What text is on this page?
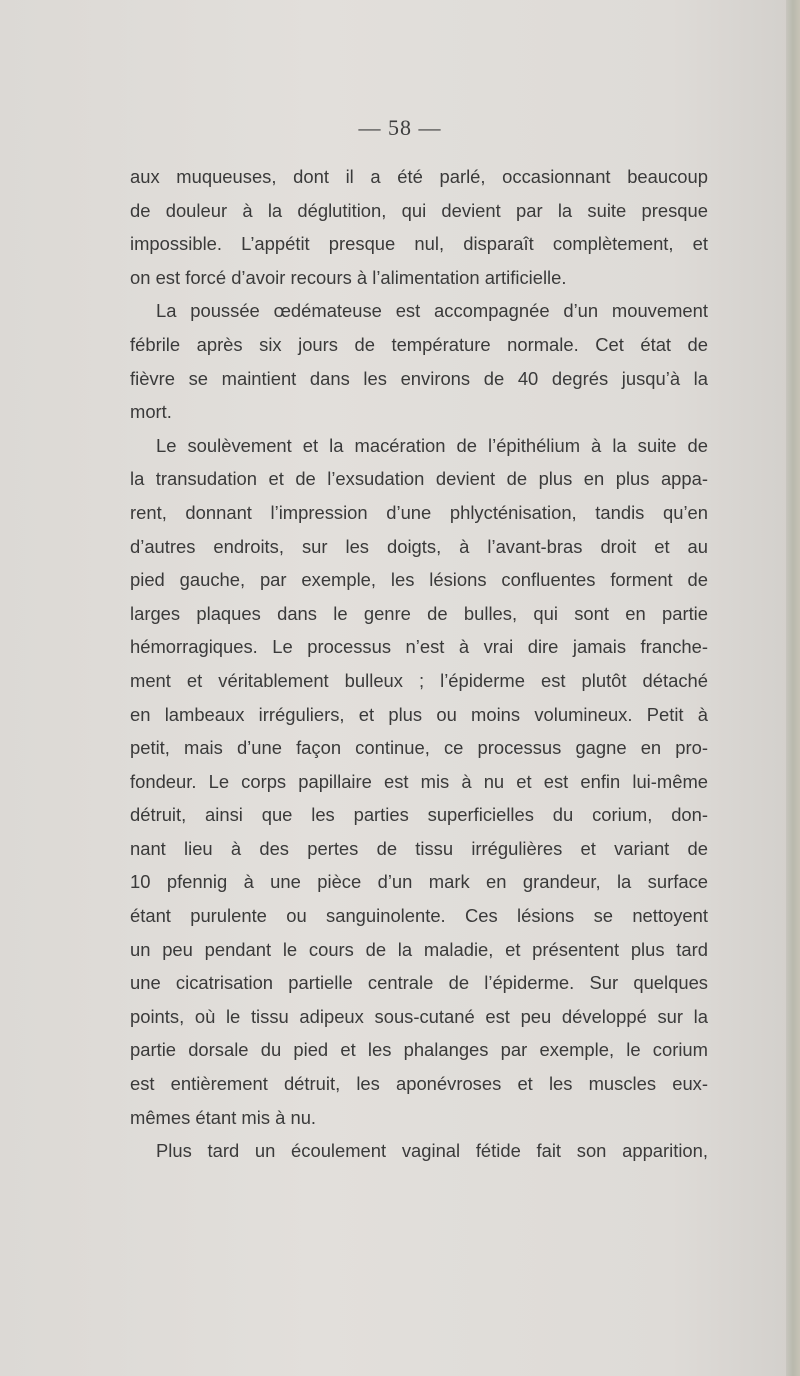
— 58 —
aux muqueuses, dont il a été parlé, occasionnant beaucoup
de douleur à la déglutition, qui devient par la suite presque
impossible. L’appétit presque nul, disparaît complètement, et
on est forcé d’avoir recours à l’alimentation artificielle.
La poussée œdémateuse est accompagnée d’un mouvement
fébrile après six jours de température normale. Cet état de
fièvre se maintient dans les environs de 40 degrés jusqu’à la
mort.
Le soulèvement et la macération de l’épithélium à la suite de
la transudation et de l’exsudation devient de plus en plus appa-
rent, donnant l’impression d’une phlycténisation, tandis qu’en
d’autres endroits, sur les doigts, à l’avant-bras droit et au
pied gauche, par exemple, les lésions confluentes forment de
larges plaques dans le genre de bulles, qui sont en partie
hémorragiques. Le processus n’est à vrai dire jamais franche-
ment et véritablement bulleux ; l’épiderme est plutôt détaché
en lambeaux irréguliers, et plus ou moins volumineux. Petit à
petit, mais d’une façon continue, ce processus gagne en pro-
fondeur. Le corps papillaire est mis à nu et est enfin lui-même
détruit, ainsi que les parties superficielles du corium, don-
nant lieu à des pertes de tissu irrégulières et variant de
10 pfennig à une pièce d’un mark en grandeur, la surface
étant purulente ou sanguinolente. Ces lésions se nettoyent
un peu pendant le cours de la maladie, et présentent plus tard
une cicatrisation partielle centrale de l’épiderme. Sur quelques
points, où le tissu adipeux sous-cutané est peu développé sur la
partie dorsale du pied et les phalanges par exemple, le corium
est entièrement détruit, les aponévroses et les muscles eux-
mêmes étant mis à nu.
Plus tard un écoulement vaginal fétide fait son apparition,
